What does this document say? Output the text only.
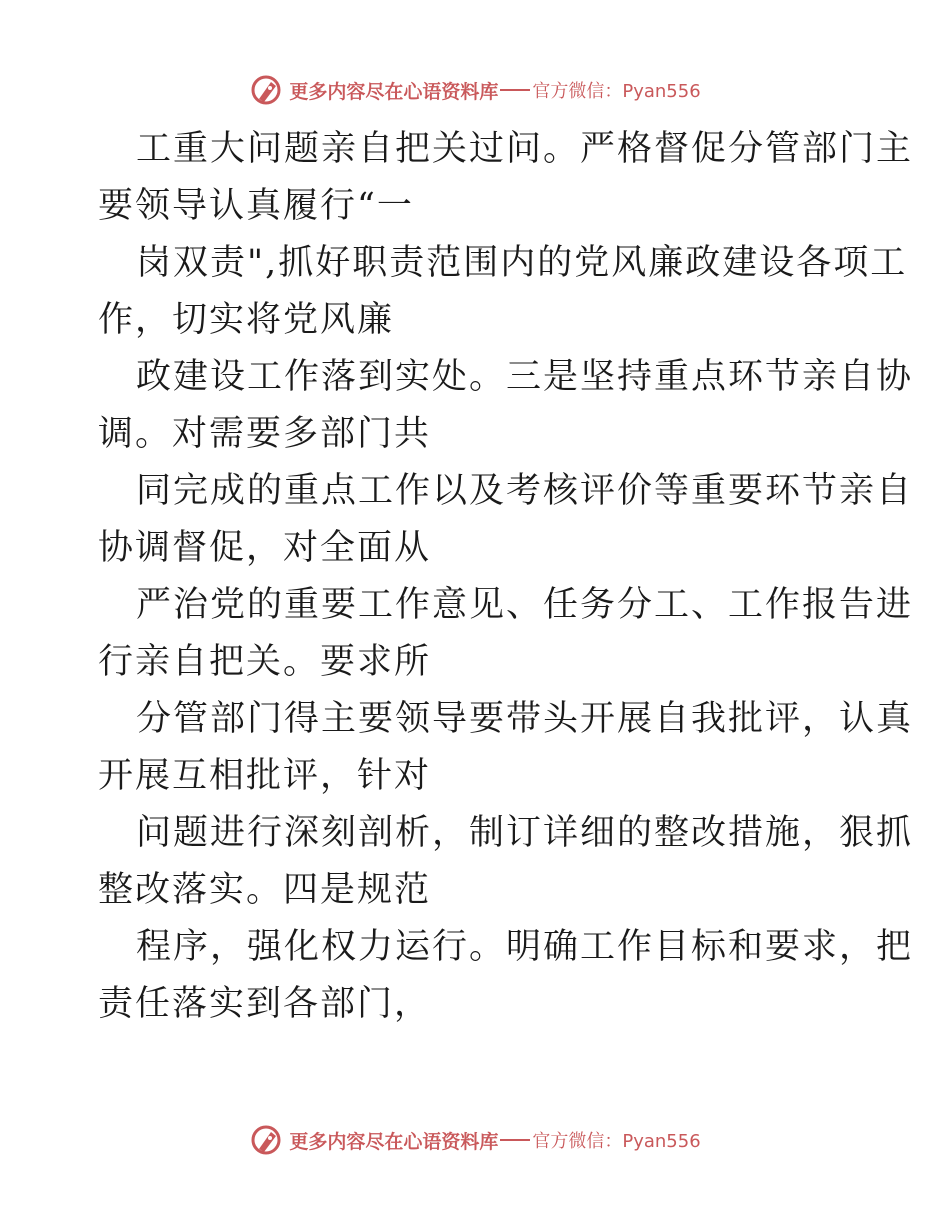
更多内容尽在心语资料库 官方微信：Pyan556
工重大问题亲自把关过问。严格督促分管部门主
要领导认真履行“一
岗双责",抓好职责范围内的党风廉政建设各项工
作，切实将党风廉
政建设工作落到实处。三是坚持重点环节亲自协
调。对需要多部门共
同完成的重点工作以及考核评价等重要环节亲自
协调督促，对全面从
严治党的重要工作意见、任务分工、工作报告进
行亲自把关。要求所
分管部门得主要领导要带头开展自我批评，认真
开展互相批评，针对
问题进行深刻剖析，制订详细的整改措施，狠抓
整改落实。四是规范
程序，强化权力运行。明确工作目标和要求，把
责任落实到各部门，
更多内容尽在心语资料库 官方微信：Pyan556
